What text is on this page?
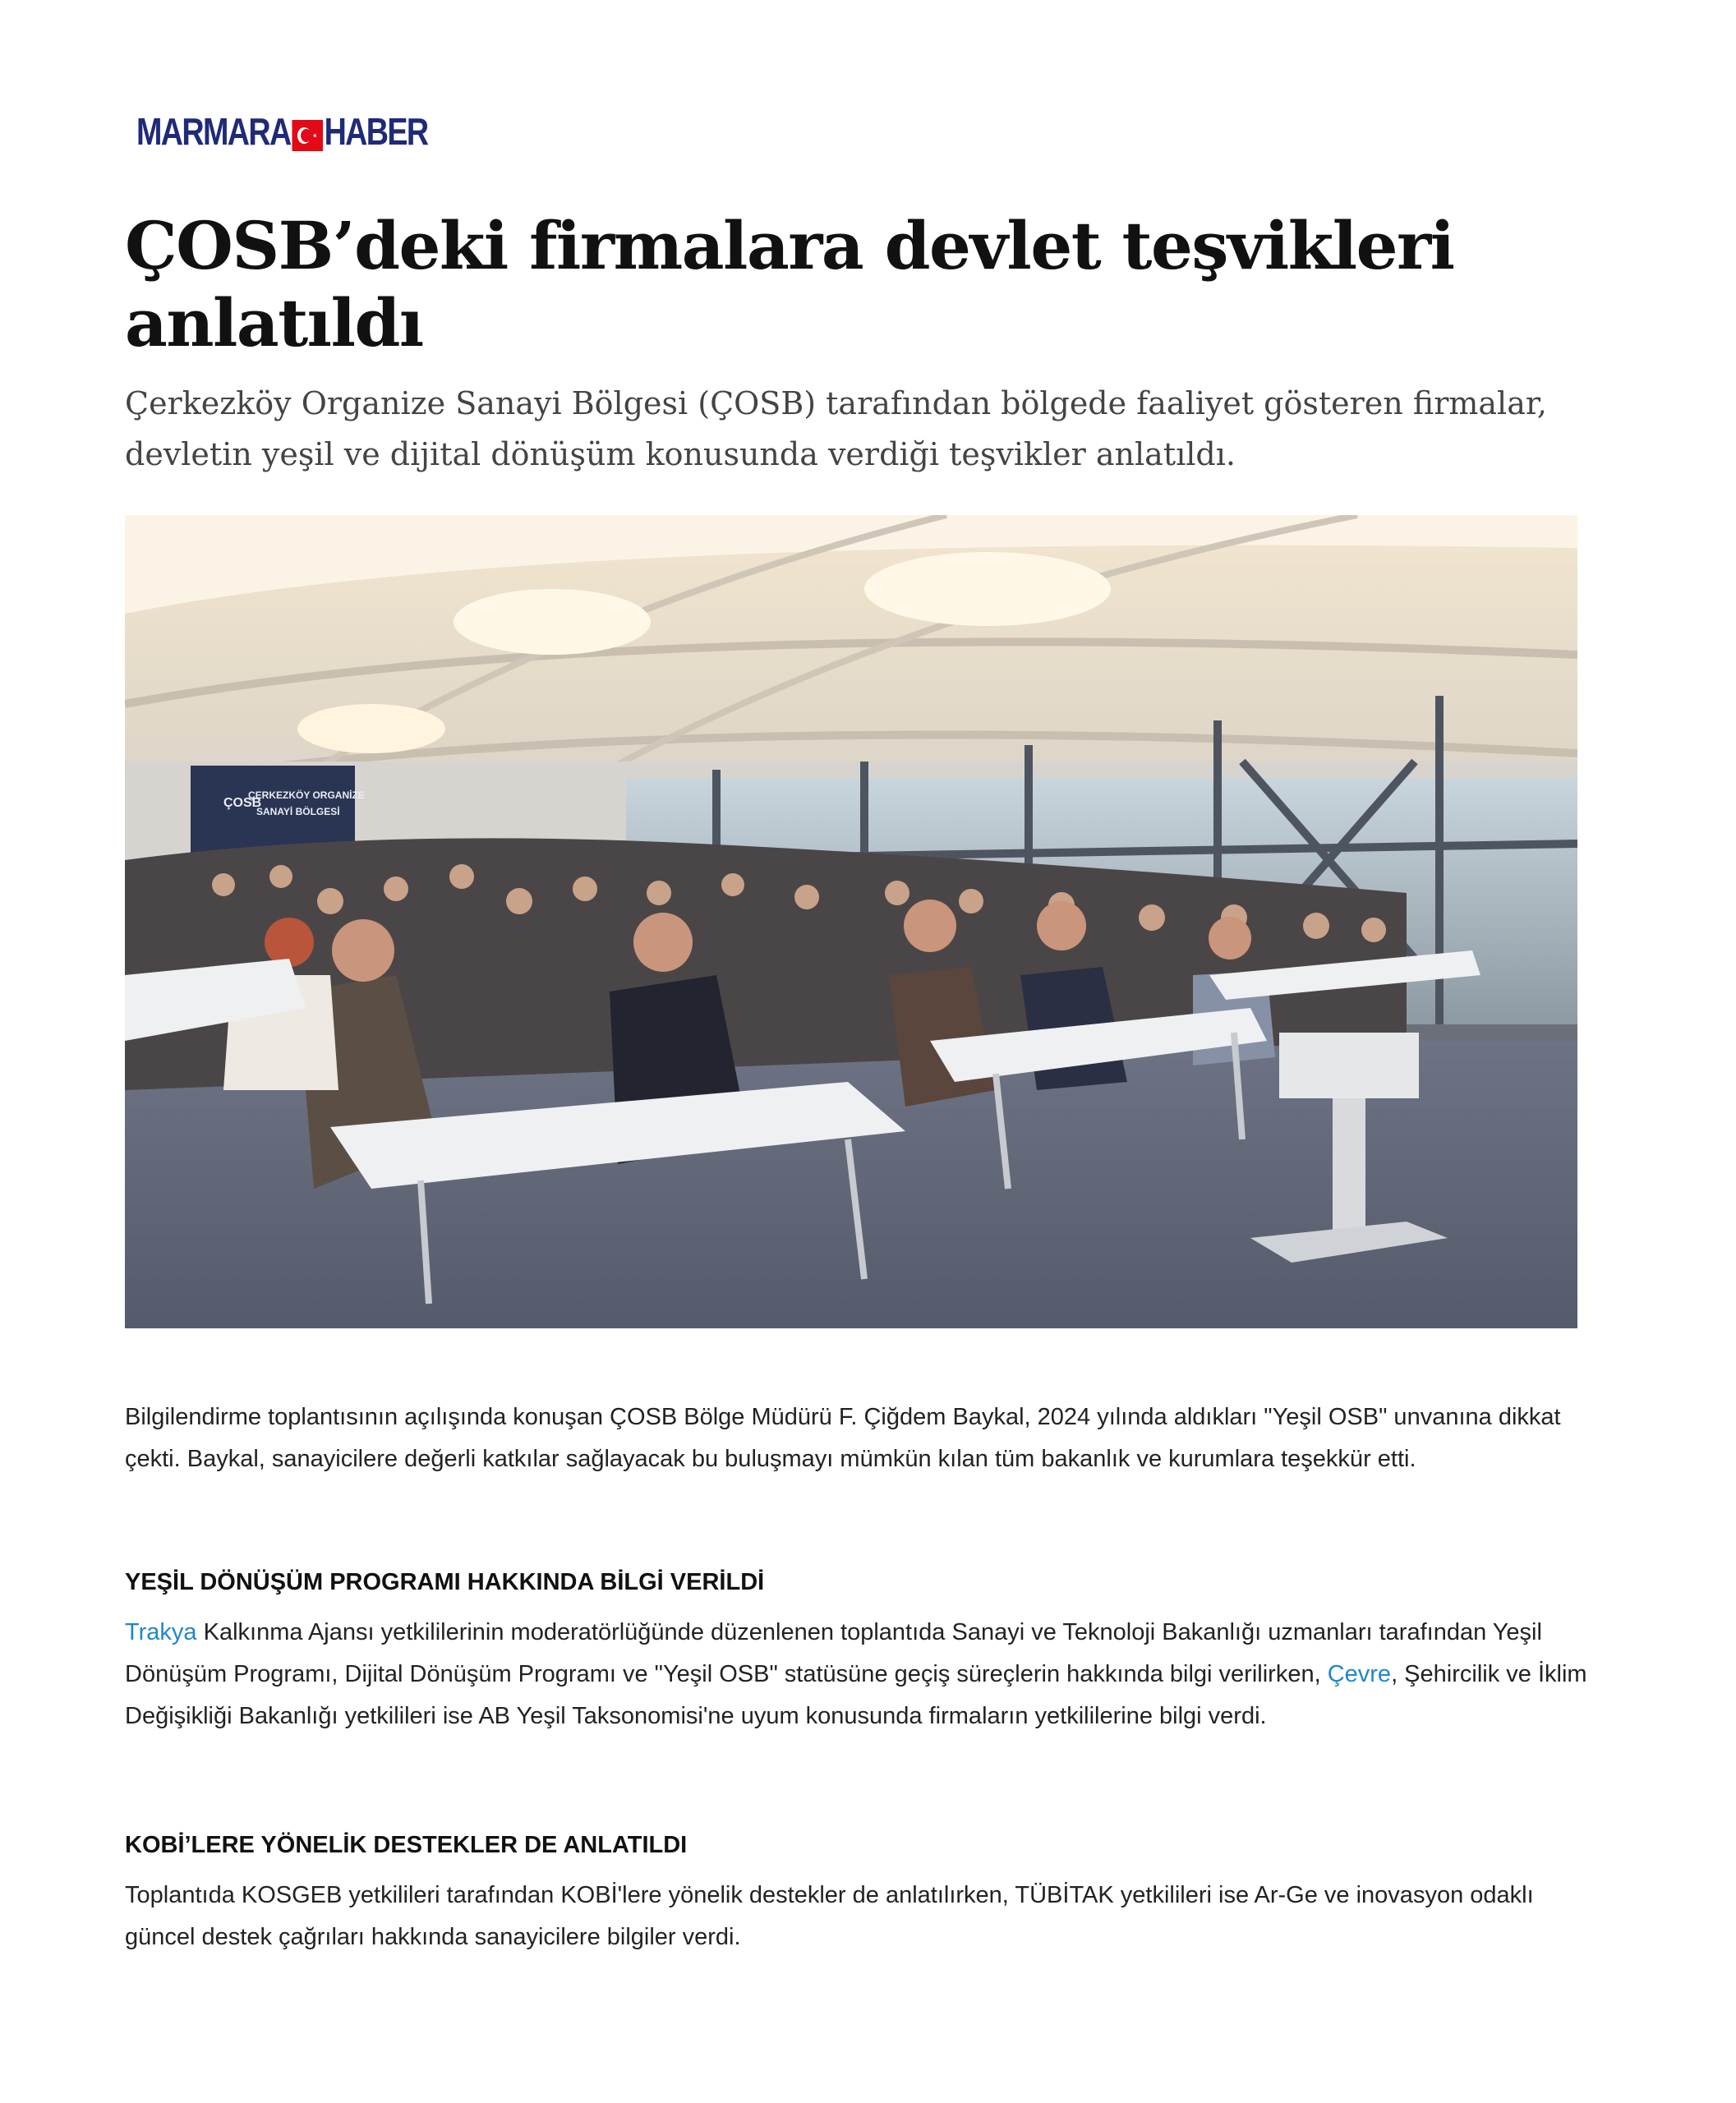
MARMARA HABER
ÇOSB’deki firmalara devlet teşvikleri anlatıldı

Çerkezköy Organize Sanayi Bölgesi (ÇOSB) tarafından bölgede faaliyet gösteren firmalar, devletin yeşil ve dijital dönüşüm konusunda verdiği teşvikler anlatıldı.

ÇOSB
ÇERKEZKÖY ORGANİZE
SANAYİ BÖLGESİ

Bilgilendirme toplantısının açılışında konuşan ÇOSB Bölge Müdürü F. Çiğdem Baykal, 2024 yılında aldıkları "Yeşil OSB" unvanına dikkat çekti. Baykal, sanayicilere değerli katkılar sağlayacak bu buluşmayı mümkün kılan tüm bakanlık ve kurumlara teşekkür etti.

YEŞİL DÖNÜŞÜM PROGRAMI HAKKINDA BİLGİ VERİLDİ

Trakya Kalkınma Ajansı yetkililerinin moderatörlüğünde düzenlenen toplantıda Sanayi ve Teknoloji Bakanlığı uzmanları tarafından Yeşil Dönüşüm Programı, Dijital Dönüşüm Programı ve "Yeşil OSB" statüsüne geçiş süreçlerin hakkında bilgi verilirken, Çevre, Şehircilik ve İklim Değişikliği Bakanlığı yetkilileri ise AB Yeşil Taksonomisi'ne uyum konusunda firmaların yetkililerine bilgi verdi.

KOBİ’LERE YÖNELİK DESTEKLER DE ANLATILDI

Toplantıda KOSGEB yetkilileri tarafından KOBİ'lere yönelik destekler de anlatılırken, TÜBİTAK yetkilileri ise Ar-Ge ve inovasyon odaklı güncel destek çağrıları hakkında sanayicilere bilgiler verdi.
